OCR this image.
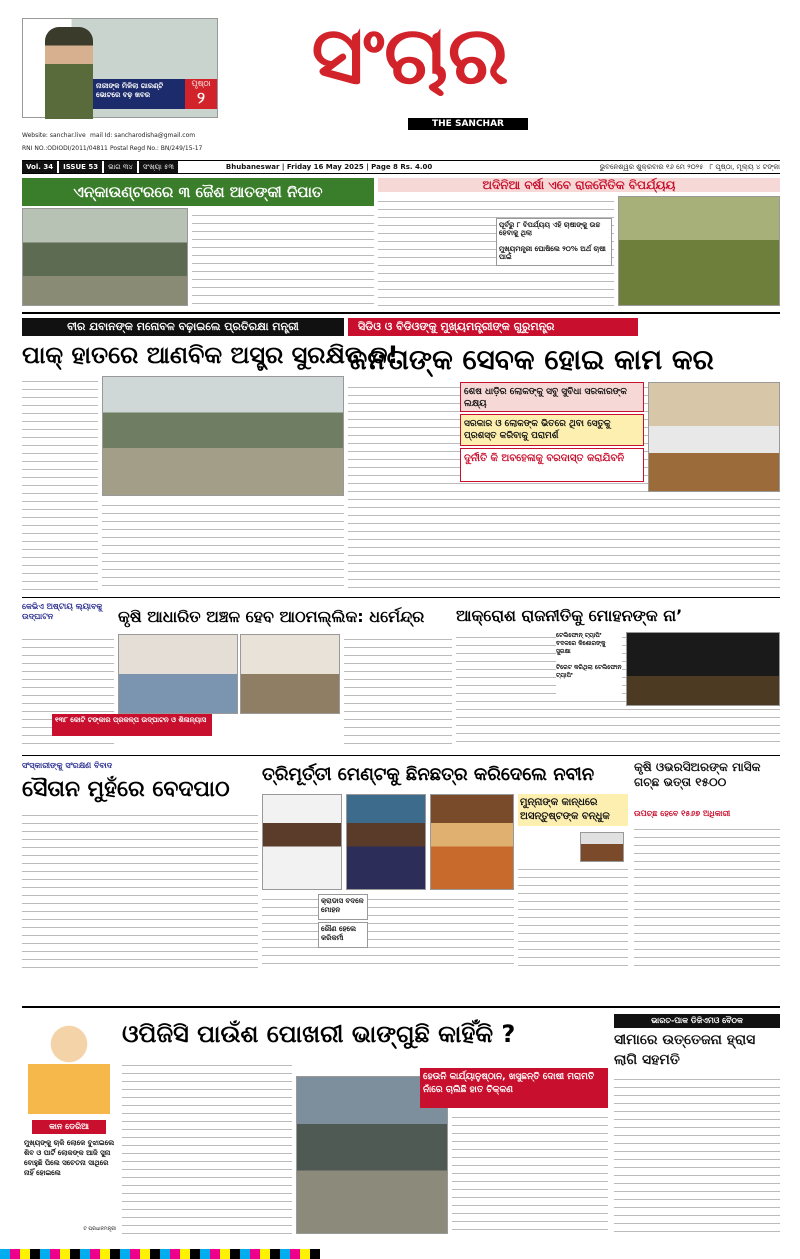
ନାରୀଙ୍କ ମିଳିଲା ଗାରଣ୍ଟି ଭୋଟରେ ବଢ଼ ଖବର
ପୃଷ୍ଠା
୨	ସଂଚାର
THE SANCHAR
Website: sanchar.live mail Id: sancharodisha@gmail.com
RNI NO.:ODIODI/2011/04811 Postal Regd No.: BN/249/15-17
Vol. 34	ISSUE 53	ଭାଗ ୩୪	ସଂଖ୍ୟା ୫୩	Bhubaneswar | Friday 16 May 2025 | Page 8 Rs. 4.00	ଭୁବନେଶ୍ୱର ଶୁକ୍ରବାର ୧୬ ମେ ୨୦୨୫ ୮ ପୃଷ୍ଠା, ମୂଲ୍ୟ ୪ ଟଙ୍କା
ଏନ୍‌କାଉଣ୍ଟରରେ ୩ ଜୈଶ ଆତଙ୍କୀ ନିପାତ	ଅଦିନିଆ ବର୍ଷା ଏବେ ରାଜନୈତିକ ବିପର୍ଯ୍ୟୟ
ପୂର୍ବରୁ ୮ ବିପର୍ଯ୍ୟୟ ଏହି ଚାଷୀଙ୍କୁ ଉଚ୍ଚ ହେବାକୁ ଥିଲା
ମୁଖ୍ୟମନ୍ତ୍ରୀ ଘୋଷିଲେ ୨୦% ଅର୍ଥ ଚାଷୀ ପାଇଁ
ବୀର ଯବାନଙ୍କ ମନୋବଳ ବଢ଼ାଇଲେ ପ୍ରତିରକ୍ଷା ମନ୍ତ୍ରୀ
ପାକ୍ ହାତରେ ଆଣବିକ ଅସ୍ତ୍ର ସୁରକ୍ଷିତ ତ!
ସିଡିଓ ଓ ବିଡିଓଙ୍କୁ ମୁଖ୍ୟମନ୍ତ୍ରୀଙ୍କ ଗୁରୁମନ୍ତ୍ର
ଜନତାଙ୍କ ସେବକ ହୋଇ କାମ କର
ଶେଷ ଧାଡ଼ିର ଲୋକଙ୍କୁ ସବୁ ସୁବିଧା ସରକାରଙ୍କ ଲକ୍ଷ୍ୟ
ସରକାର ଓ ଲୋକଙ୍କ ଭିତରେ ଥିବା ସେତୁକୁ ପ୍ରଶସ୍ତ କରିବାକୁ ପରାମର୍ଶ
ଦୁର୍ନୀତି କି ଅବହେଳାକୁ ବରଦାସ୍ତ କରାଯିବନି
କେଭିଏ ଅଷ୍ଟାୟ ଲ୍ୟାବକୁ ଉଦ୍‌ଘାଟନ	କୃଷି ଆଧାରିତ ଅଞ୍ଚଳ ହେବ ଆଠମଲ୍ଲିକ: ଧର୍ମେନ୍ଦ୍ର
୧୩୮ କୋଟି ଟଙ୍କାର ପ୍ରକଳ୍ପ ଉଦ୍‌ଘାଟନ ଓ ଶିଳାନ୍ୟାସ
ଆକ୍ରୋଶ ରାଜନୀତିକୁ ମୋହନଙ୍କ ନା’
ଟେଲିଫୋନ୍ ଟ୍ୟାପିଂ ବଦଳରେ କିଶୋରଙ୍କୁ ସୁରକ୍ଷା
ଟିରେଟ କରିଥିଲା ଟେଲିଫୋନ ଟ୍ୟାପିଂ
ସଂସ୍କାରୀଙ୍କୁ ସଂରକ୍ଷଣ ବିବାଦ
ସୈତାନ ମୁହଁରେ ବେଦପାଠ
ତ୍ରିମୂର୍ତ୍ତୀ ମେଣ୍ଟକୁ ଛିନଛତ୍ର କରିଦେଲେ ନବୀନ
କ୍ରାଡାସ ବଦଳେ ମୋହନ
ରୌଣ ହେଲେ କରିକର୍ମୀ
ମୁନ୍ନାଙ୍କ କାନ୍ଧରେ ଅସନ୍ତୁଷ୍ଟଙ୍କ ବନ୍ଧୁକ
କୃଷି ଓଭରସିଅରଙ୍କ ମାସିକ ଗଚ୍ଛ ଭତ୍ତା ୧୫୦୦
ଉପଚ୍ଛ ହେବେ ୧୫୬୭ ଅଧିକାରୀ
କାନ ଡେରିଆ
ମୁଖ୍ୟଙ୍କୁ ଚାକି ଲୋକେ ବୁଝାଇଲେ ଶିବ ଓ ପାର୍ଟି ଲୋକଙ୍କ ଆଜି ସୁନା ବୋହୁଛି ପିଲେ ସଚେତନା ସାଥିରେ ନାହିଁ ହୋଇଲେ
ଟ ପ୍ରଧାନମନ୍ତ୍ରୀ
ଓପିଜିସି ପାଉଁଶ ପୋଖରୀ ଭାଙ୍ଗୁଛି କାହିଁକି ?
ହେଉନି କାର୍ଯ୍ୟାନୁଷ୍ଠାନ, ଖସୁଛନ୍ତି ଦୋଷୀ ମରାମତି ନାଁରେ ଚାଲିଛି ହାତ ଚିକ୍କଣ
ଭାରତ-ପାକ ଡିଜିଏମଓ ବୈଠକ
ସୀମାରେ ଉତ୍ତେଜନା ହ୍ରାସ ଲାଗି ସହମତି
